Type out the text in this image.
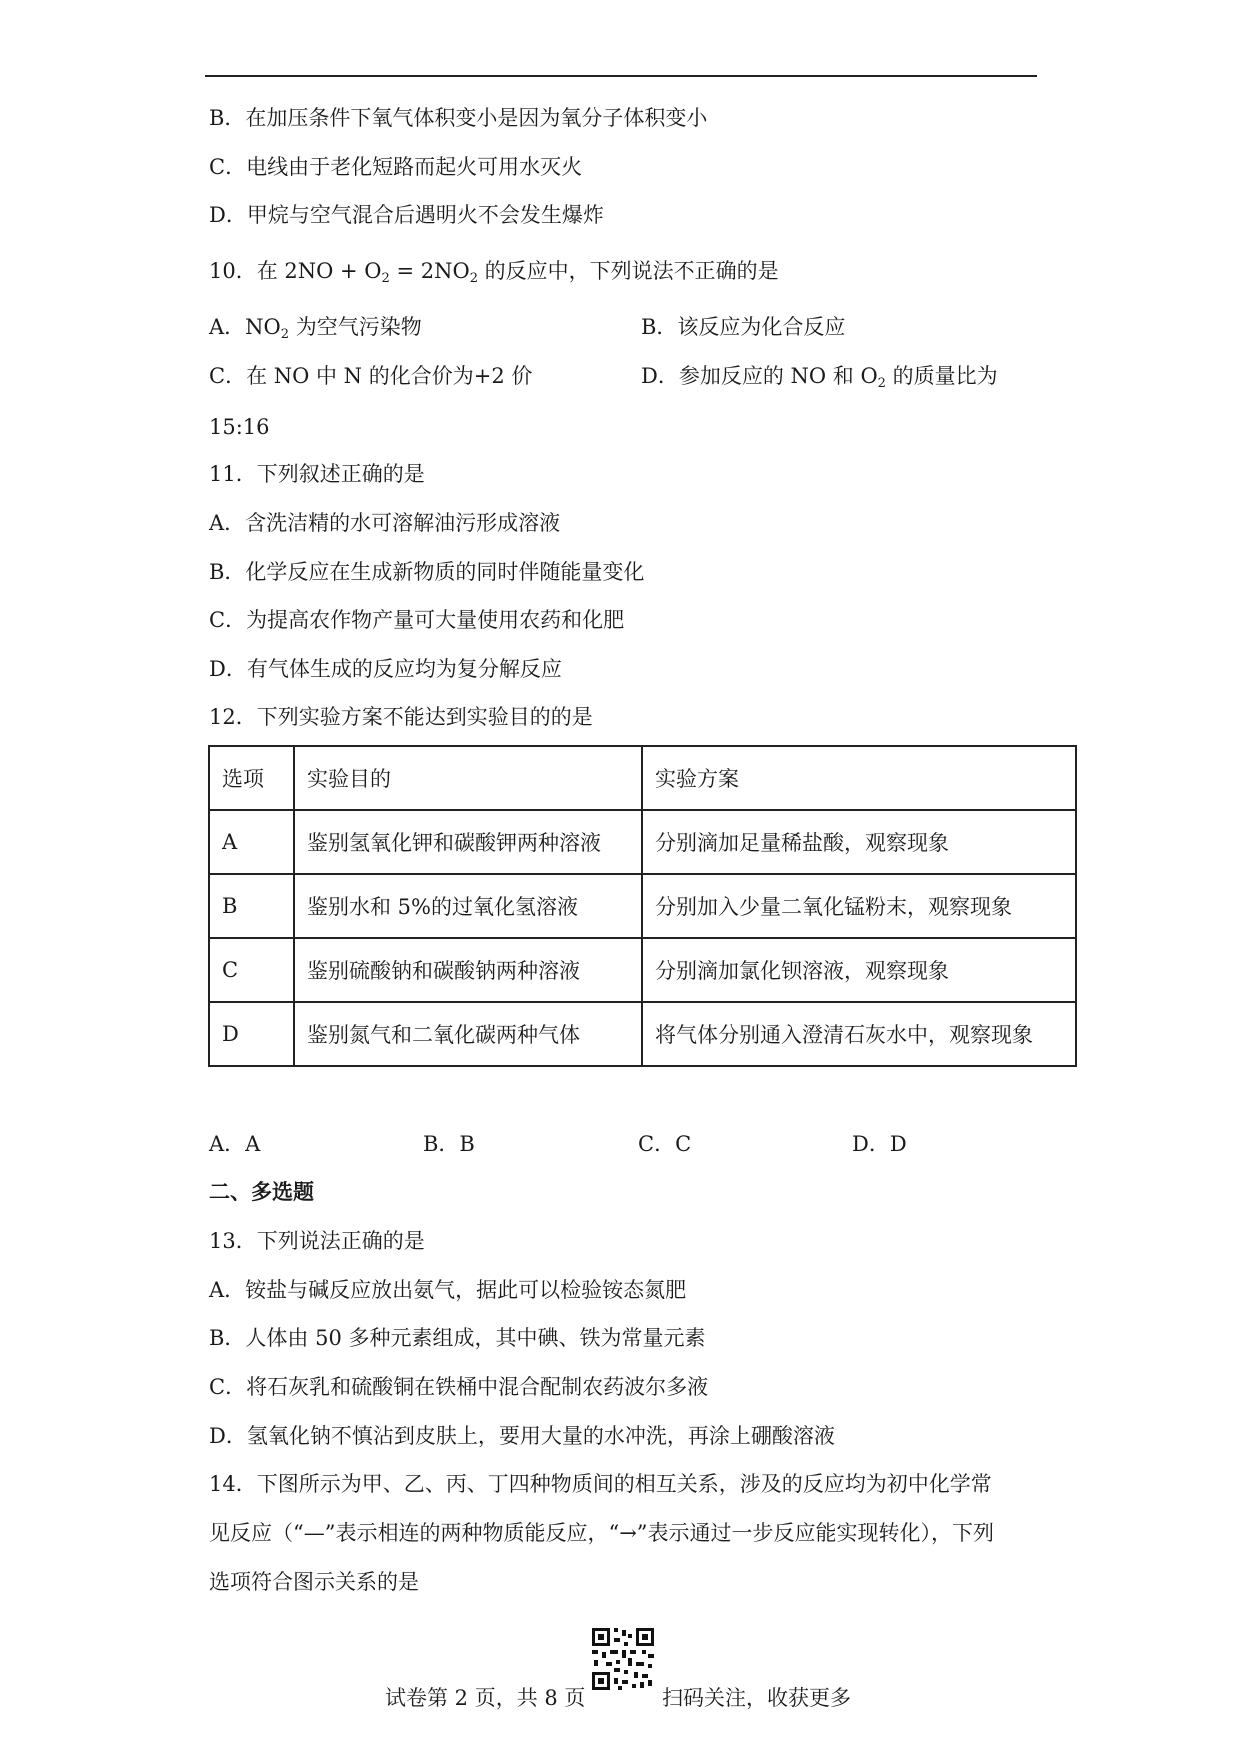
B．在加压条件下氧气体积变小是因为氧分子体积变小
C．电线由于老化短路而起火可用水灭火
D．甲烷与空气混合后遇明火不会发生爆炸
10．在 $2NO + O_2 = 2NO_2$ 的反应中，下列说法不正确的是
A．$NO_2$ 为空气污染物	B．该反应为化合反应
C．在 NO 中 N 的化合价为+2 价	D．参加反应的 NO 和 $O_2$ 的质量比为
15:16
11．下列叙述正确的是
A．含洗洁精的水可溶解油污形成溶液
B．化学反应在生成新物质的同时伴随能量变化
C．为提高农作物产量可大量使用农药和化肥
D．有气体生成的反应均为复分解反应
12．下列实验方案不能达到实验目的的是
选项	实验目的	实验方案
A	鉴别氢氧化钾和碳酸钾两种溶液	分别滴加足量稀盐酸，观察现象
B	鉴别水和 5%的过氧化氢溶液	分别加入少量二氧化锰粉末，观察现象
C	鉴别硫酸钠和碳酸钠两种溶液	分别滴加氯化钡溶液，观察现象
D	鉴别氮气和二氧化碳两种气体	将气体分别通入澄清石灰水中，观察现象
A．A	B．B	C．C	D．D
二、多选题
13．下列说法正确的是
A．铵盐与碱反应放出氨气，据此可以检验铵态氮肥
B．人体由 50 多种元素组成，其中碘、铁为常量元素
C．将石灰乳和硫酸铜在铁桶中混合配制农药波尔多液
D．氢氧化钠不慎沾到皮肤上，要用大量的水冲洗，再涂上硼酸溶液
14．下图所示为甲、乙、丙、丁四种物质间的相互关系，涉及的反应均为初中化学常
见反应（“—”表示相连的两种物质能反应，“→”表示通过一步反应能实现转化），下列
选项符合图示关系的是
试卷第 2 页，共 8 页	扫码关注，收获更多
